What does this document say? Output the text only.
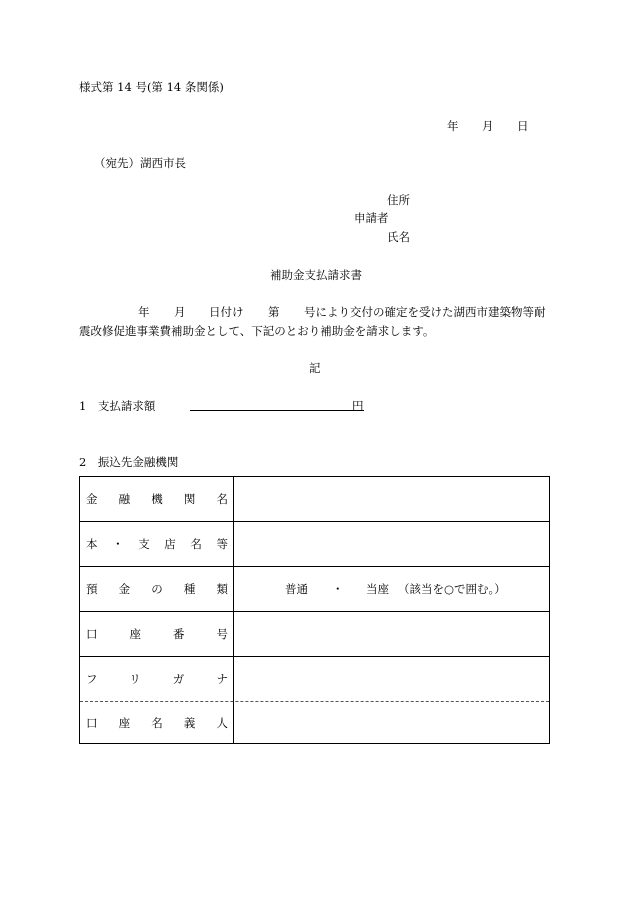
様式第 14 号(第 14 条関係)
年 月 日
（宛先）湖西市長
住所
申請者
氏名
補助金支払請求書
年 月 日付け 第 号により交付の確定を受けた湖西市建築物等耐
震改修促進事業費補助金として、下記のとおり補助金を請求します。
記
1　支払請求額	円
2　振込先金融機関
金融機関名
本・支店名等
預金の種類	普通 ・ 当座 （該当を○で囲む。）
口座番号
フリガナ
口座名義人
